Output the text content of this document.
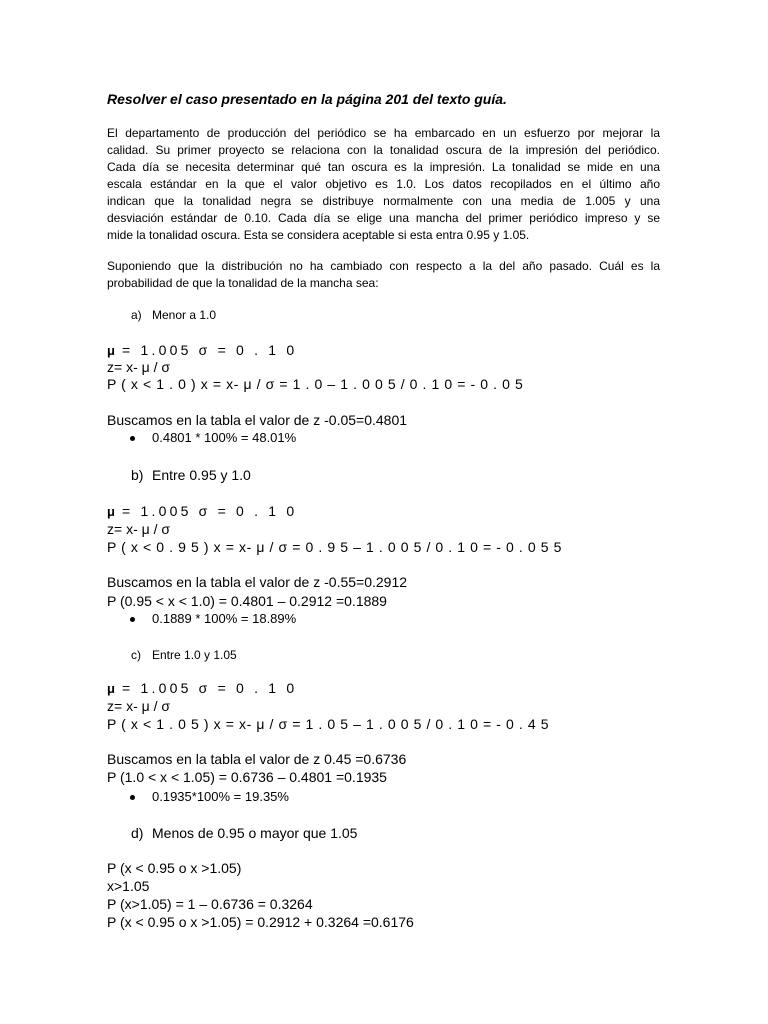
Resolver el caso presentado en la página 201 del texto guía.
El departamento de producción del periódico se ha embarcado en un esfuerzo por mejorar la
calidad. Su primer proyecto se relaciona con la tonalidad oscura de la impresión del periódico.
Cada día se necesita determinar qué tan oscura es la impresión. La tonalidad se mide en una
escala estándar en la que el valor objetivo es 1.0. Los datos recopilados en el último año
indican que la tonalidad negra se distribuye normalmente con una media de 1.005 y una
desviación estándar de 0.10. Cada día se elige una mancha del primer periódico impreso y se
mide la tonalidad oscura. Esta se considera aceptable si esta entra 0.95 y 1.05.
Suponiendo que la distribución no ha cambiado con respecto a la del año pasado. Cuál es la
probabilidad de que la tonalidad de la mancha sea:
a) Menor a 1.0
μ = 1.005 σ = 0 . 1 0
z= x- μ / σ
P ( x < 1 . 0 ) x = x- μ / σ = 1 . 0 – 1 . 0 0 5 / 0 . 1 0 = - 0 . 0 5
Buscamos en la tabla el valor de z -0.05=0.4801
0.4801 * 100% = 48.01%
b) Entre 0.95 y 1.0
μ = 1.005 σ = 0 . 1 0
z= x- μ / σ
P ( x < 0 . 9 5 ) x = x- μ / σ = 0 . 9 5 – 1 . 0 0 5 / 0 . 1 0 = - 0 . 0 5 5
Buscamos en la tabla el valor de z -0.55=0.2912
P (0.95 < x < 1.0) = 0.4801 – 0.2912 =0.1889
0.1889 * 100% = 18.89%
c) Entre 1.0 y 1.05
μ = 1.005 σ = 0 . 1 0
z= x- μ / σ
P ( x < 1 . 0 5 ) x = x- μ / σ = 1 . 0 5 – 1 . 0 0 5 / 0 . 1 0 = - 0 . 4 5
Buscamos en la tabla el valor de z 0.45 =0.6736
P (1.0 < x < 1.05) = 0.6736 – 0.4801 =0.1935
0.1935*100% = 19.35%
d) Menos de 0.95 o mayor que 1.05
P (x < 0.95 o x >1.05)
x>1.05
P (x>1.05) = 1 – 0.6736 = 0.3264
P (x < 0.95 o x >1.05) = 0.2912 + 0.3264 =0.6176
